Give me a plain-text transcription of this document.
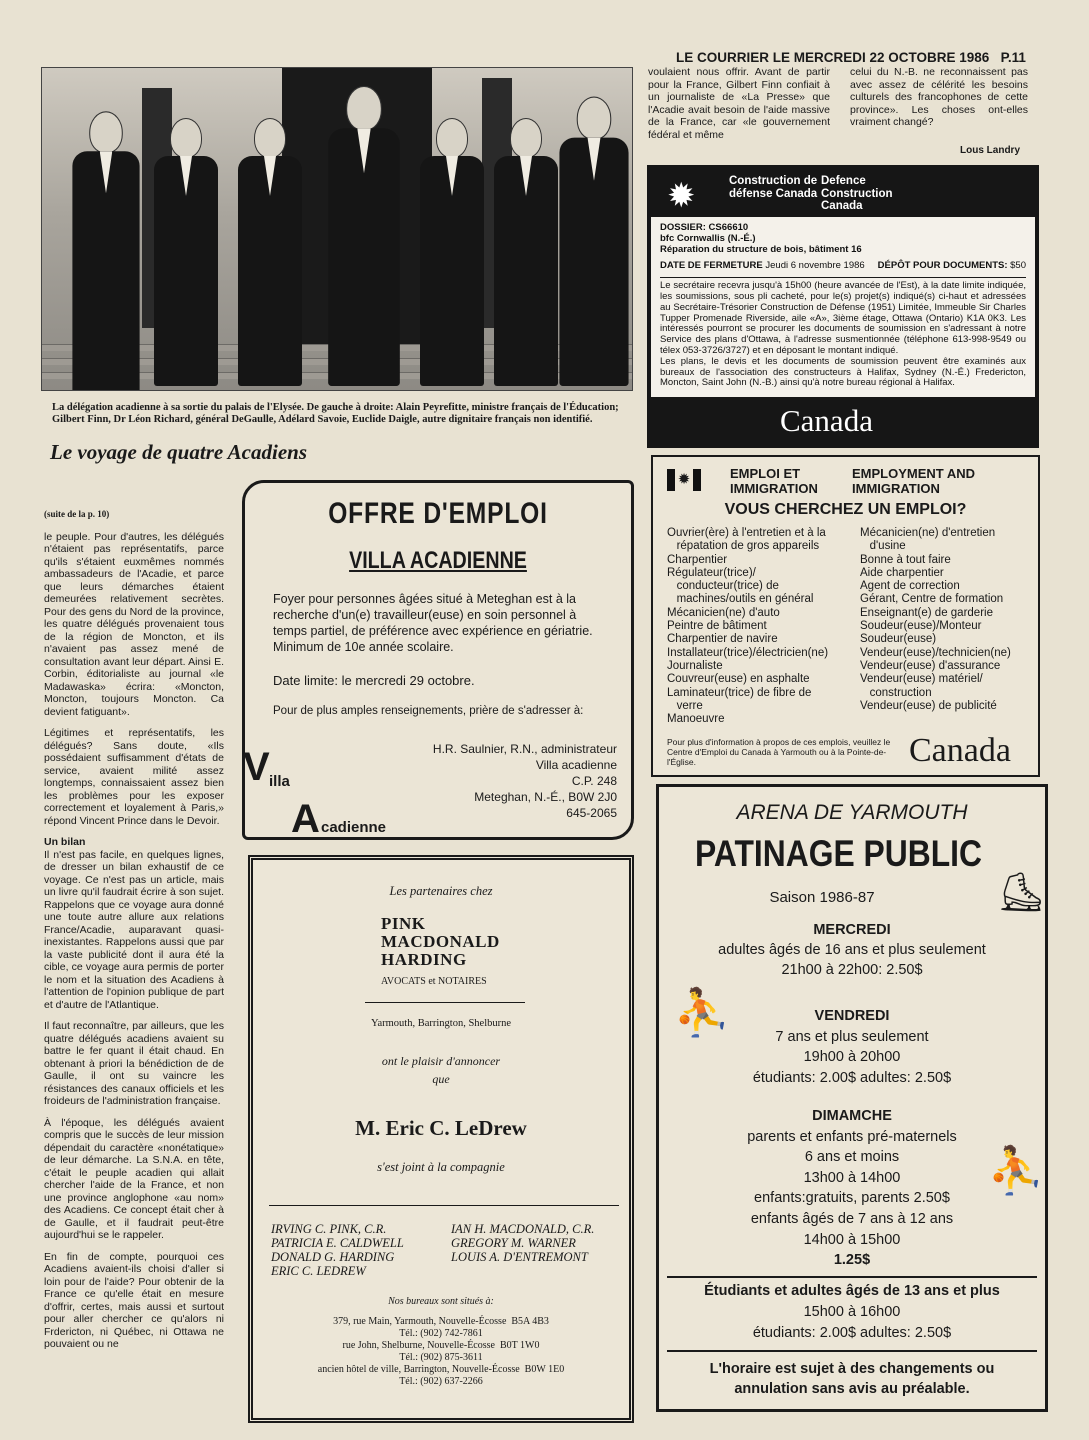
LE COURRIER LE MERCREDI 22 OCTOBRE 1986   P.11
La délégation acadienne à sa sortie du palais de l'Elysée. De gauche à droite: Alain Peyrefitte, ministre français de l'Éducation; Gilbert Finn, Dr Léon Richard, général DeGaulle, Adélard Savoie, Euclide Daigle, autre dignitaire français non identifié.
Le voyage de quatre Acadiens
(suite de la p. 10)

le peuple. Pour d'autres, les délégués n'étaient pas représentatifs, parce qu'ils s'étaient euxmêmes nommés ambassadeurs de l'Acadie, et parce que leurs démarches étaient demeurées relativement secrètes. Pour des gens du Nord de la province, les quatre délégués provenaient tous de la région de Moncton, et ils n'avaient pas assez mené de consultation avant leur départ. Ainsi E. Corbin, éditorialiste au journal «le Madawaska» écrira: «Moncton, Moncton, toujours Moncton. Ca devient fatiguant».

Légitimes et représentatifs, les délégués? Sans doute, «Ils possédaient suffisamment d'états de service, avaient milité assez longtemps, connaissaient assez bien les problèmes pour les exposer correctement et loyalement à Paris,» répond Vincent Prince dans le Devoir.

Un bilan

Il n'est pas facile, en quelques lignes, de dresser un bilan exhaustif de ce voyage. Ce n'est pas un article, mais un livre qu'il faudrait écrire à son sujet. Rappelons que ce voyage aura donné une toute autre allure aux relations France/Acadie, auparavant quasi-inexistantes. Rappelons aussi que par la vaste publicité dont il aura été la cible, ce voyage aura permis de porter le nom et la situation des Acadiens à l'attention de l'opinion publique de part et d'autre de l'Atlantique.

Il faut reconnaître, par ailleurs, que les quatre délégués acadiens avaient su battre le fer quant il était chaud. En obtenant à priori la bénédiction de de Gaulle, il ont su vaincre les résistances des canaux officiels et les froideurs de l'administration française.

À l'époque, les délégués avaient compris que le succès de leur mission dépendait du caractère «nonétatique» de leur démarche. La S.N.A. en tête, c'était le peuple acadien qui allait chercher l'aide de la France, et non une province anglophone «au nom» des Acadiens. Ce concept était cher à de Gaulle, et il faudrait peut-être aujourd'hui se le rappeler.

En fin de compte, pourquoi ces Acadiens avaient-ils choisi d'aller si loin pour de l'aide? Pour obtenir de la France ce qu'elle était en mesure d'offrir, certes, mais aussi et surtout pour aller chercher ce qu'alors ni Frdericton, ni Québec, ni Ottawa ne pouvaient ou ne

voulaient nous offrir. Avant de partir pour la France, Gilbert Finn confiait à un journaliste de «La Presse» que l'Acadie avait besoin de l'aide massive de la France, car «le gouvernement fédéral et même
celui du N.-B. ne reconnaissent pas avec assez de célérité les besoins culturels des francophones de cette province». Les choses ont-elles vraiment changé?
Lous Landry
✹	Construction de défense Canada
Defence Construction Canada
DOSSIER: CS66610
bfc Cornwallis (N.-É.)
Réparation du structure de bois, bâtiment 16
DATE DE FERMETURE Jeudi 6 novembre 1986 DÉPÔT POUR DOCUMENTS: $50
Le secrétaire recevra jusqu'à 15h00 (heure avancée de l'Est), à la date limite indiquée, les soumissions, sous pli cacheté, pour le(s) projet(s) indiqué(s) ci-haut et adressées au Secrétaire-Trésorier Construction de Défense (1951) Limitée, Immeuble Sir Charles Tupper Promenade Riverside, aile «A», 3ième étage, Ottawa (Ontario) K1A 0K3. Les intéressés pourront se procurer les documents de soumission en s'adressant à notre Service des plans d'Ottawa, à l'adresse susmentionnée (téléphone 613-998-9549 ou télex 053-3726/3727) et en déposant le montant indiqué.
Les plans, le devis et les documents de soumission peuvent être examinés aux bureaux de l'association des constructeurs à Halifax, Sydney (N.-É.) Fredericton, Moncton, Saint John (N.-B.) ainsi qu'à notre bureau régional à Halifax.
Canada
✹	EMPLOI ET IMMIGRATION
EMPLOYMENT AND IMMIGRATION
VOUS CHERCHEZ UN EMPLOI?
Ouvrier(ère) à l'entretien et à la
répatation de gros appareils
Charpentier
Régulateur(trice)/
conducteur(trice) de
machines/outils en général
Mécanicien(ne) d'auto
Peintre de bâtiment
Charpentier de navire
Installateur(trice)/électricien(ne)
Journaliste
Couvreur(euse) en asphalte
Laminateur(trice) de fibre de
verre
Manoeuvre
Mécanicien(ne) d'entretien
d'usine
Bonne à tout faire
Aide charpentier
Agent de correction
Gérant, Centre de formation
Enseignant(e) de garderie
Soudeur(euse)/Monteur
Soudeur(euse)
Vendeur(euse)/technicien(ne)
Vendeur(euse) d'assurance
Vendeur(euse) matériel/
construction
Vendeur(euse) de publicité
Pour plus d'information à propos de ces emplois, veuillez le Centre d'Emploi du Canada à Yarmouth ou à la Pointe-de-l'Église.	Canada
OFFRE D'EMPLOI
VILLA ACADIENNE
Foyer pour personnes âgées situé à Meteghan est à la recherche d'un(e) travailleur(euse) en soin personnel à temps partiel, de préférence avec expérience en gériatrie. Minimum de 10e année scolaire.
Date limite: le mercredi 29 octobre.
Pour de plus amples renseignements, prière de s'adresser à:
H.R. Saulnier, R.N., administrateur
Villa acadienne
C.P. 248
Meteghan, N.-É., B0W 2J0
645-2065
V illa
A cadienne
Les partenaires chez
PINK
MACDONALD
HARDING
AVOCATS et NOTAIRES
Yarmouth, Barrington, Shelburne
ont le plaisir d'annoncer
que
M. Eric C. LeDrew
s'est joint à la compagnie
IRVING C. PINK, C.R.
PATRICIA E. CALDWELL
DONALD G. HARDING
ERIC C. LEDREW
IAN H. MACDONALD, C.R.
GREGORY M. WARNER
LOUIS A. D'ENTREMONT
Nos bureaux sont situés à:
379, rue Main, Yarmouth, Nouvelle-Écosse  B5A 4B3
Tél.: (902) 742-7861
rue John, Shelburne, Nouvelle-Écosse  B0T 1W0
Tél.: (902) 875-3611
ancien hôtel de ville, Barrington, Nouvelle-Écosse  B0W 1E0
Tél.: (902) 637-2266
ARENA DE YARMOUTH
PATINAGE PUBLIC
Saison 1986-87	⛸
MERCREDI
adultes âgés de 16 ans et plus seulement
21h00 à 22h00: 2.50$
⛹	VENDREDI
7 ans et plus seulement
19h00 à 20h00
étudiants: 2.00$ adultes: 2.50$
⛹
DIMAMCHE
parents et enfants pré-maternels
6 ans et moins
13h00 à 14h00
enfants:gratuits, parents 2.50$
enfants âgés de 7 ans à 12 ans
14h00 à 15h00
1.25$
Étudiants et adultes âgés de 13 ans et plus
15h00 à 16h00
étudiants: 2.00$ adultes: 2.50$
L'horaire est sujet à des changements ou annulation sans avis au préalable.
